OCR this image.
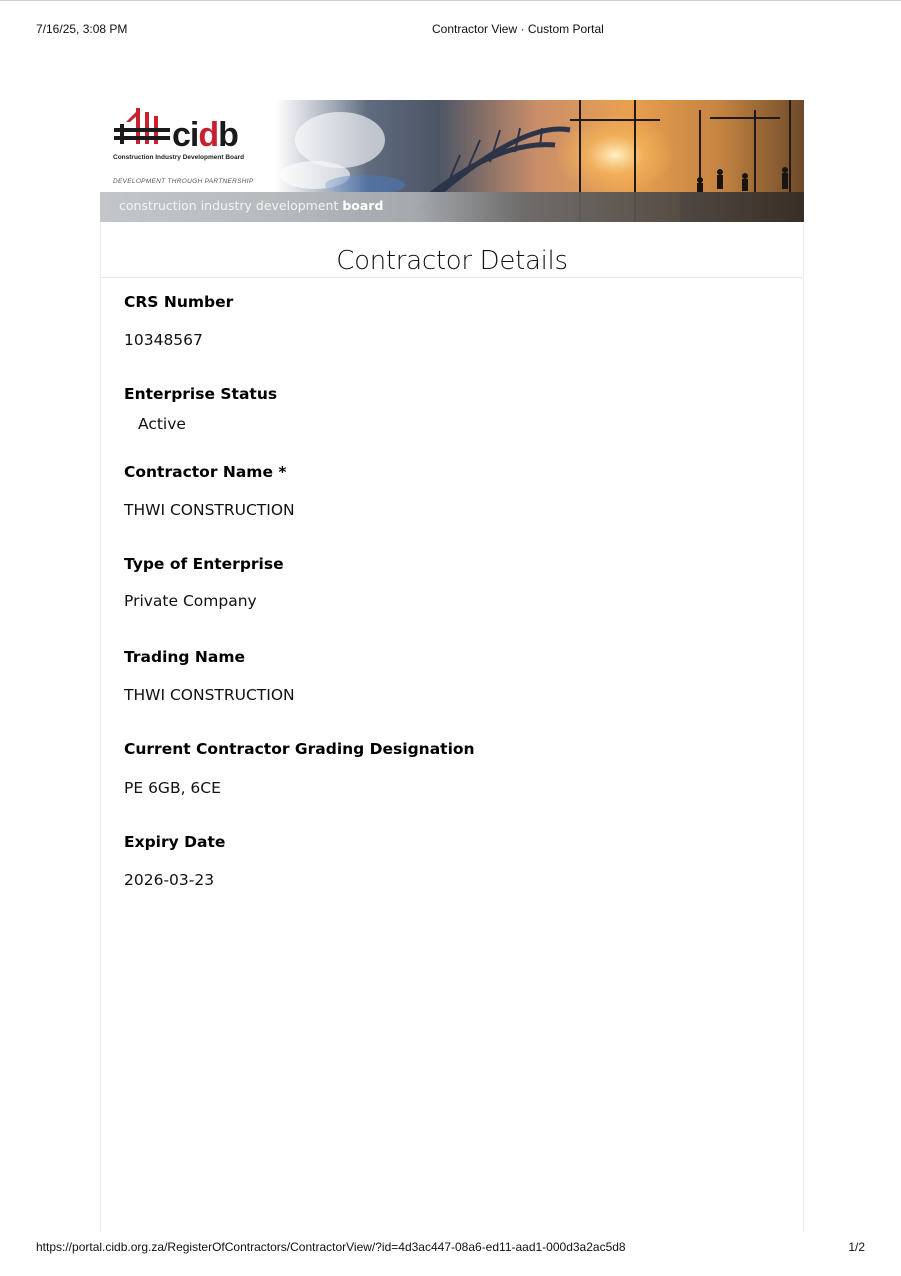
7/16/25, 3:08 PM	Contractor View · Custom Portal
cidb
Construction Industry Development Board
DEVELOPMENT THROUGH PARTNERSHIP
construction industry development board
Contractor Details
CRS Number
10348567
Enterprise Status
Active
Contractor Name *
THWI CONSTRUCTION
Type of Enterprise
Private Company
Trading Name
THWI CONSTRUCTION
Current Contractor Grading Designation
PE 6GB, 6CE
Expiry Date
2026-03-23
https://portal.cidb.org.za/RegisterOfContractors/ContractorView/?id=4d3ac447-08a6-ed11-aad1-000d3a2ac5d8	1/2
